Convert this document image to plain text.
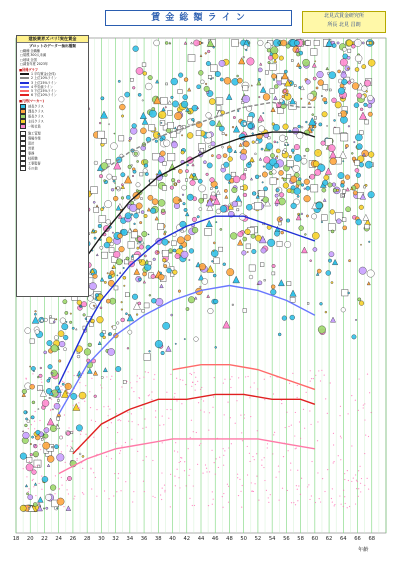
賃 金 総 額 ラ イ ン	北見式賃金研究所
所長 北見 昌朗
建設業界ズバリ!実在賃金
プロットのデータ一抽出種類
□職種 全職種
□規模 300人未満
□地域 全国
□調査年度 2023年
■回帰グラフ
1 平均賃金(全体)
2 上位10%ライン
3 上位25%ライン
4 中央値ライン
5 下位25%ライン
6 下位10%ライン
■凡例(マーカー)
部長クラス
課長クラス
係長クラス
主任クラス
一般社員
施工管理
現場作業
設計
営業
事務
技術職
工事監督
その他
18 20 22 24 26 28 30 32 34 36 38 40 42 44 46 48 50 52 54 56 58 60 62 64 66 68
年齢
